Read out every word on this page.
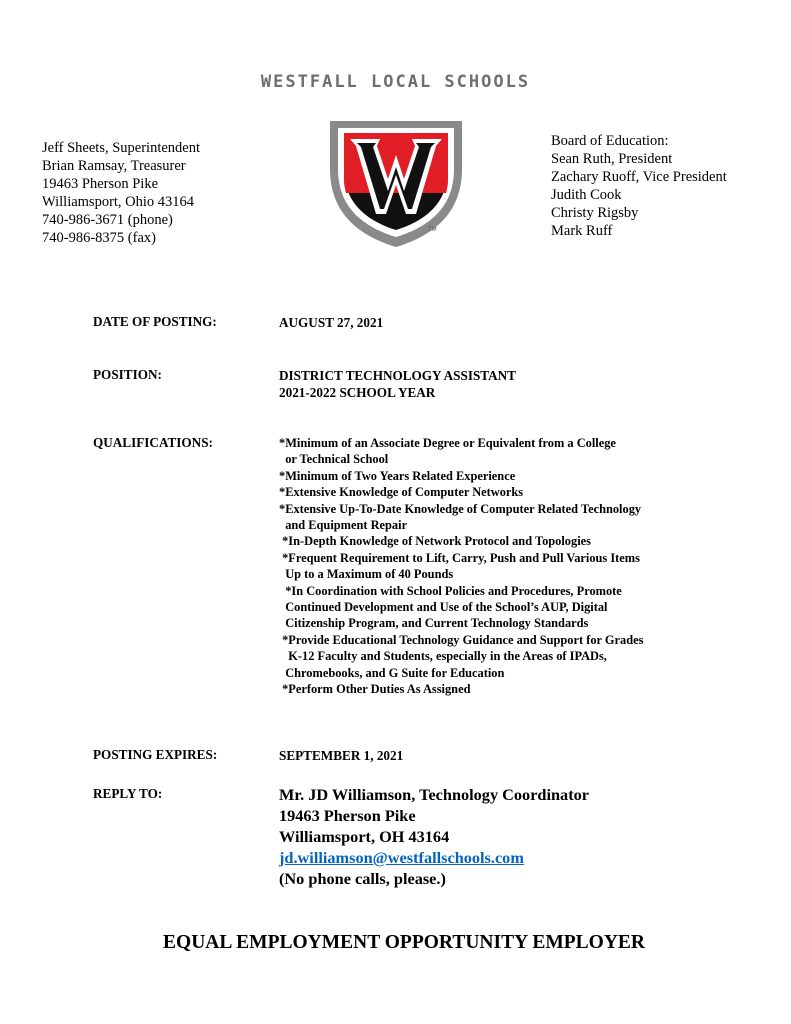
WESTFALL LOCAL SCHOOLS
Jeff Sheets, Superintendent
Brian Ramsay, Treasurer
19463 Pherson Pike
Williamsport, Ohio 43164
740-986-3671 (phone)
740-986-8375 (fax)	TM
Board of Education:
Sean Ruth, President
Zachary Ruoff, Vice President
Judith Cook
Christy Rigsby
Mark Ruff
DATE OF POSTING:	AUGUST 27, 2021
POSITION:	DISTRICT TECHNOLOGY ASSISTANT
2021-2022 SCHOOL YEAR
QUALIFICATIONS:	*Minimum of an Associate Degree or Equivalent from a College
or Technical School
*Minimum of Two Years Related Experience
*Extensive Knowledge of Computer Networks
*Extensive Up-To-Date Knowledge of Computer Related Technology
and Equipment Repair
*In-Depth Knowledge of Network Protocol and Topologies
*Frequent Requirement to Lift, Carry, Push and Pull Various Items
Up to a Maximum of 40 Pounds
*In Coordination with School Policies and Procedures, Promote
Continued Development and Use of the School’s AUP, Digital
Citizenship Program, and Current Technology Standards
*Provide Educational Technology Guidance and Support for Grades
K-12 Faculty and Students, especially in the Areas of IPADs,
Chromebooks, and G Suite for Education
*Perform Other Duties As Assigned
POSTING EXPIRES:	SEPTEMBER 1, 2021
REPLY TO:	Mr. JD Williamson, Technology Coordinator
19463 Pherson Pike
Williamsport, OH 43164
jd.williamson@westfallschools.com
(No phone calls, please.)
EQUAL EMPLOYMENT OPPORTUNITY EMPLOYER
